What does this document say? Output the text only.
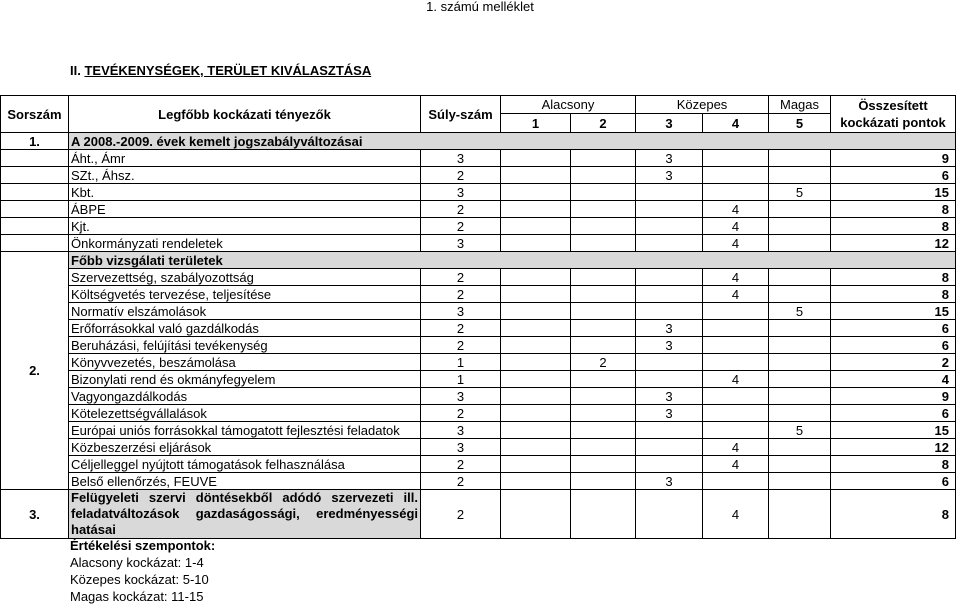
1. számú melléklet
II. TEVÉKENYSÉGEK, TERÜLET KIVÁLASZTÁSA
Sorszám	Legfőbb kockázati tényezők	Súly-szám	Alacsony		Közepes		Magas	Összesített
kockázati pontok
			1	2	3	4	5	
1.	A 2008.-2009. évek kemelt jogszabályváltozásai							
	Áht., Ámr	3			3			9
	SZt., Áhsz.	2			3			6
	Kbt.	3					5	15
	ÁBPE	2				4		8
	Kjt.	2				4		8
	Önkormányzati rendeletek	3				4		12
2.	Főbb vizsgálati területek							
	Szervezettség, szabályozottság	2				4		8
	Költségvetés tervezése, teljesítése	2				4		8
	Normatív elszámolások	3					5	15
	Erőforrásokkal való gazdálkodás	2			3			6
	Beruházási, felújítási tevékenység	2			3			6
	Könyvvezetés, beszámolása	1		2				2
	Bizonylati rend és okmányfegyelem	1				4		4
	Vagyongazdálkodás	3			3			9
	Kötelezettségvállalások	2			3			6
	Európai uniós forrásokkal támogatott fejlesztési feladatok	3					5	15
	Közbeszerzési eljárások	3				4		12
	Céljelleggel nyújtott támogatások felhasználása	2				4		8
	Belső ellenőrzés, FEUVE	2			3			6
3.	Felügyeleti szervi döntésekből adódó szervezeti ill. feladatváltozások gazdaságossági, eredményességi hatásai	2				4		8
Értékelési szempontok:
Alacsony kockázat: 1-4
Közepes kockázat: 5-10
Magas kockázat: 11-15
